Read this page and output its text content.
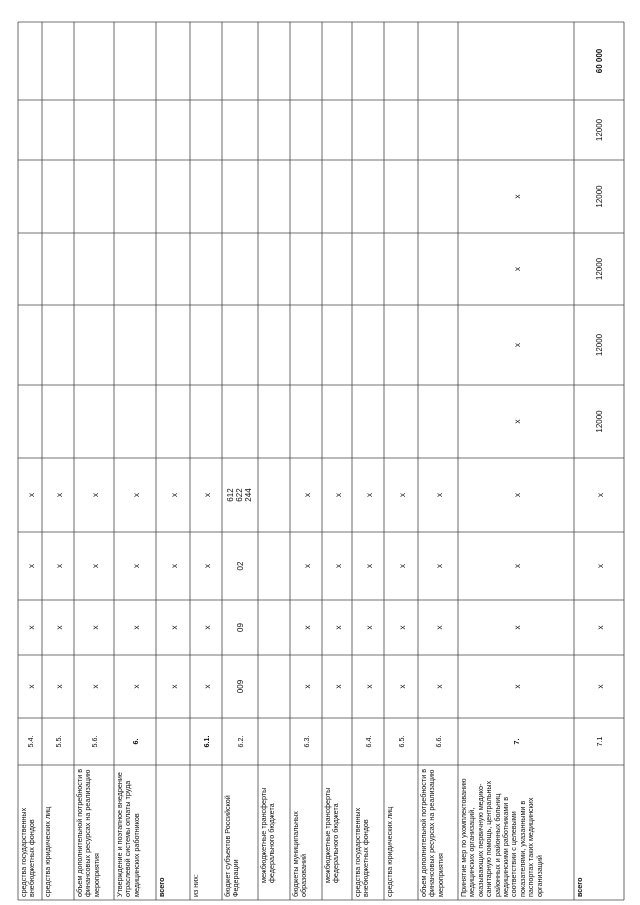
средства государственных внебюджетных фондов
5.4.
x
x
x
x
средства юридических лиц
5.5.
x
x
x
x
объем дополнительной потребности в финансовых ресурсах на реализацию мероприятия
5.6.
x
x
x
x
Утверждение и поэтапное внедрение отраслевой системы оплаты труда медицинских работников
6.
x
x
x
x
всего
x
x
x
x
из них:
6.1.
x
x
x
x
бюджет субъектов Российской Федерации
6.2.
009
09
02
612
622
244
межбюджетные трансферты федерального бюджета	бюджеты муниципальных образований
6.3.
x
x
x
x
межбюджетные трансферты федерального бюджета
x
x
x
x
средства государственных внебюджетных фондов
6.4.
x
x
x
x
средства юридических лиц
6.5.
x
x
x
x
объем дополнительной потребности в финансовых ресурсах на реализацию мероприятия
6.6.
x
x
x
x
Принятие мер по укомплектованию медицинских организаций, оказывающих первичную медико-санитарную помощь, центральных районных и районных больниц медицинскими работниками в соответствии с целевыми показателями, указанными в паспортах таких медицинских организаций
7.
x
x
x
x
x
x
x
x
всего
7.1
x
x
x
x
12000
12000
12000
12000
12000
60 000
